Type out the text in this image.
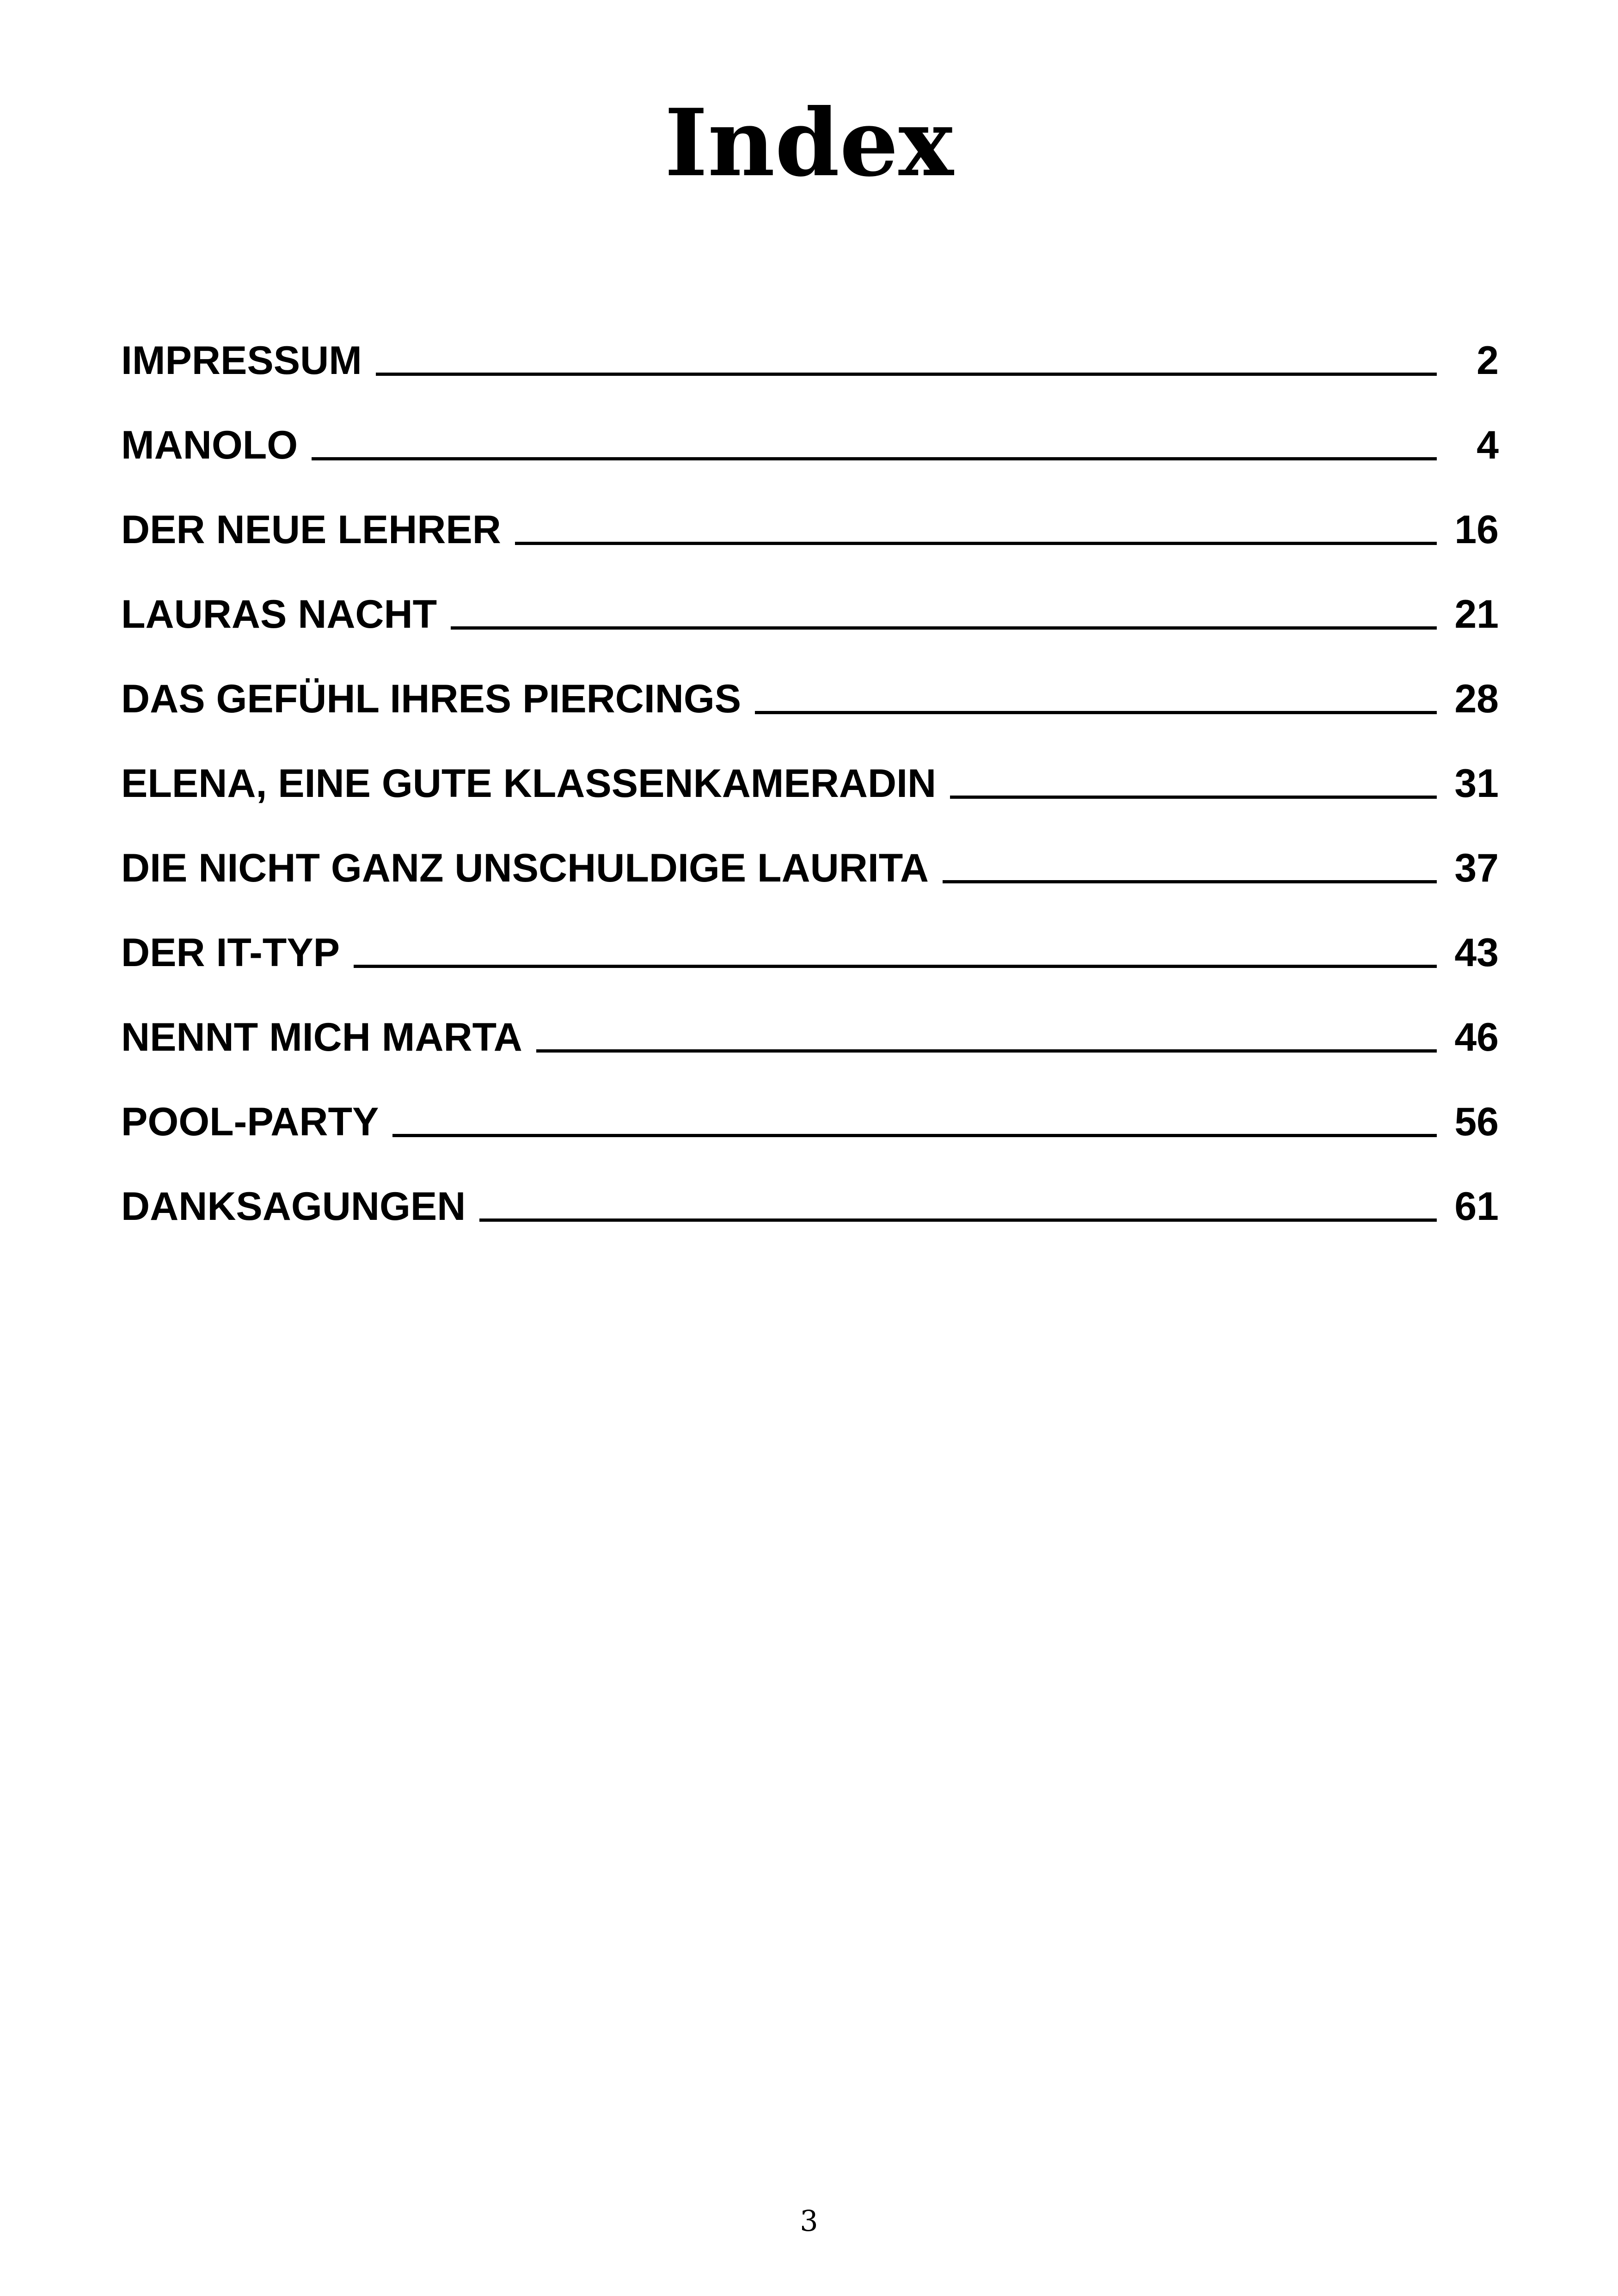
Index
IMPRESSUM	2
MANOLO	4
DER NEUE LEHRER	16
LAURAS NACHT	21
DAS GEFÜHL IHRES PIERCINGS	28
ELENA, EINE GUTE KLASSENKAMERADIN	31
DIE NICHT GANZ UNSCHULDIGE LAURITA	37
DER IT-TYP	43
NENNT MICH MARTA	46
POOL-PARTY	56
DANKSAGUNGEN	61
3
